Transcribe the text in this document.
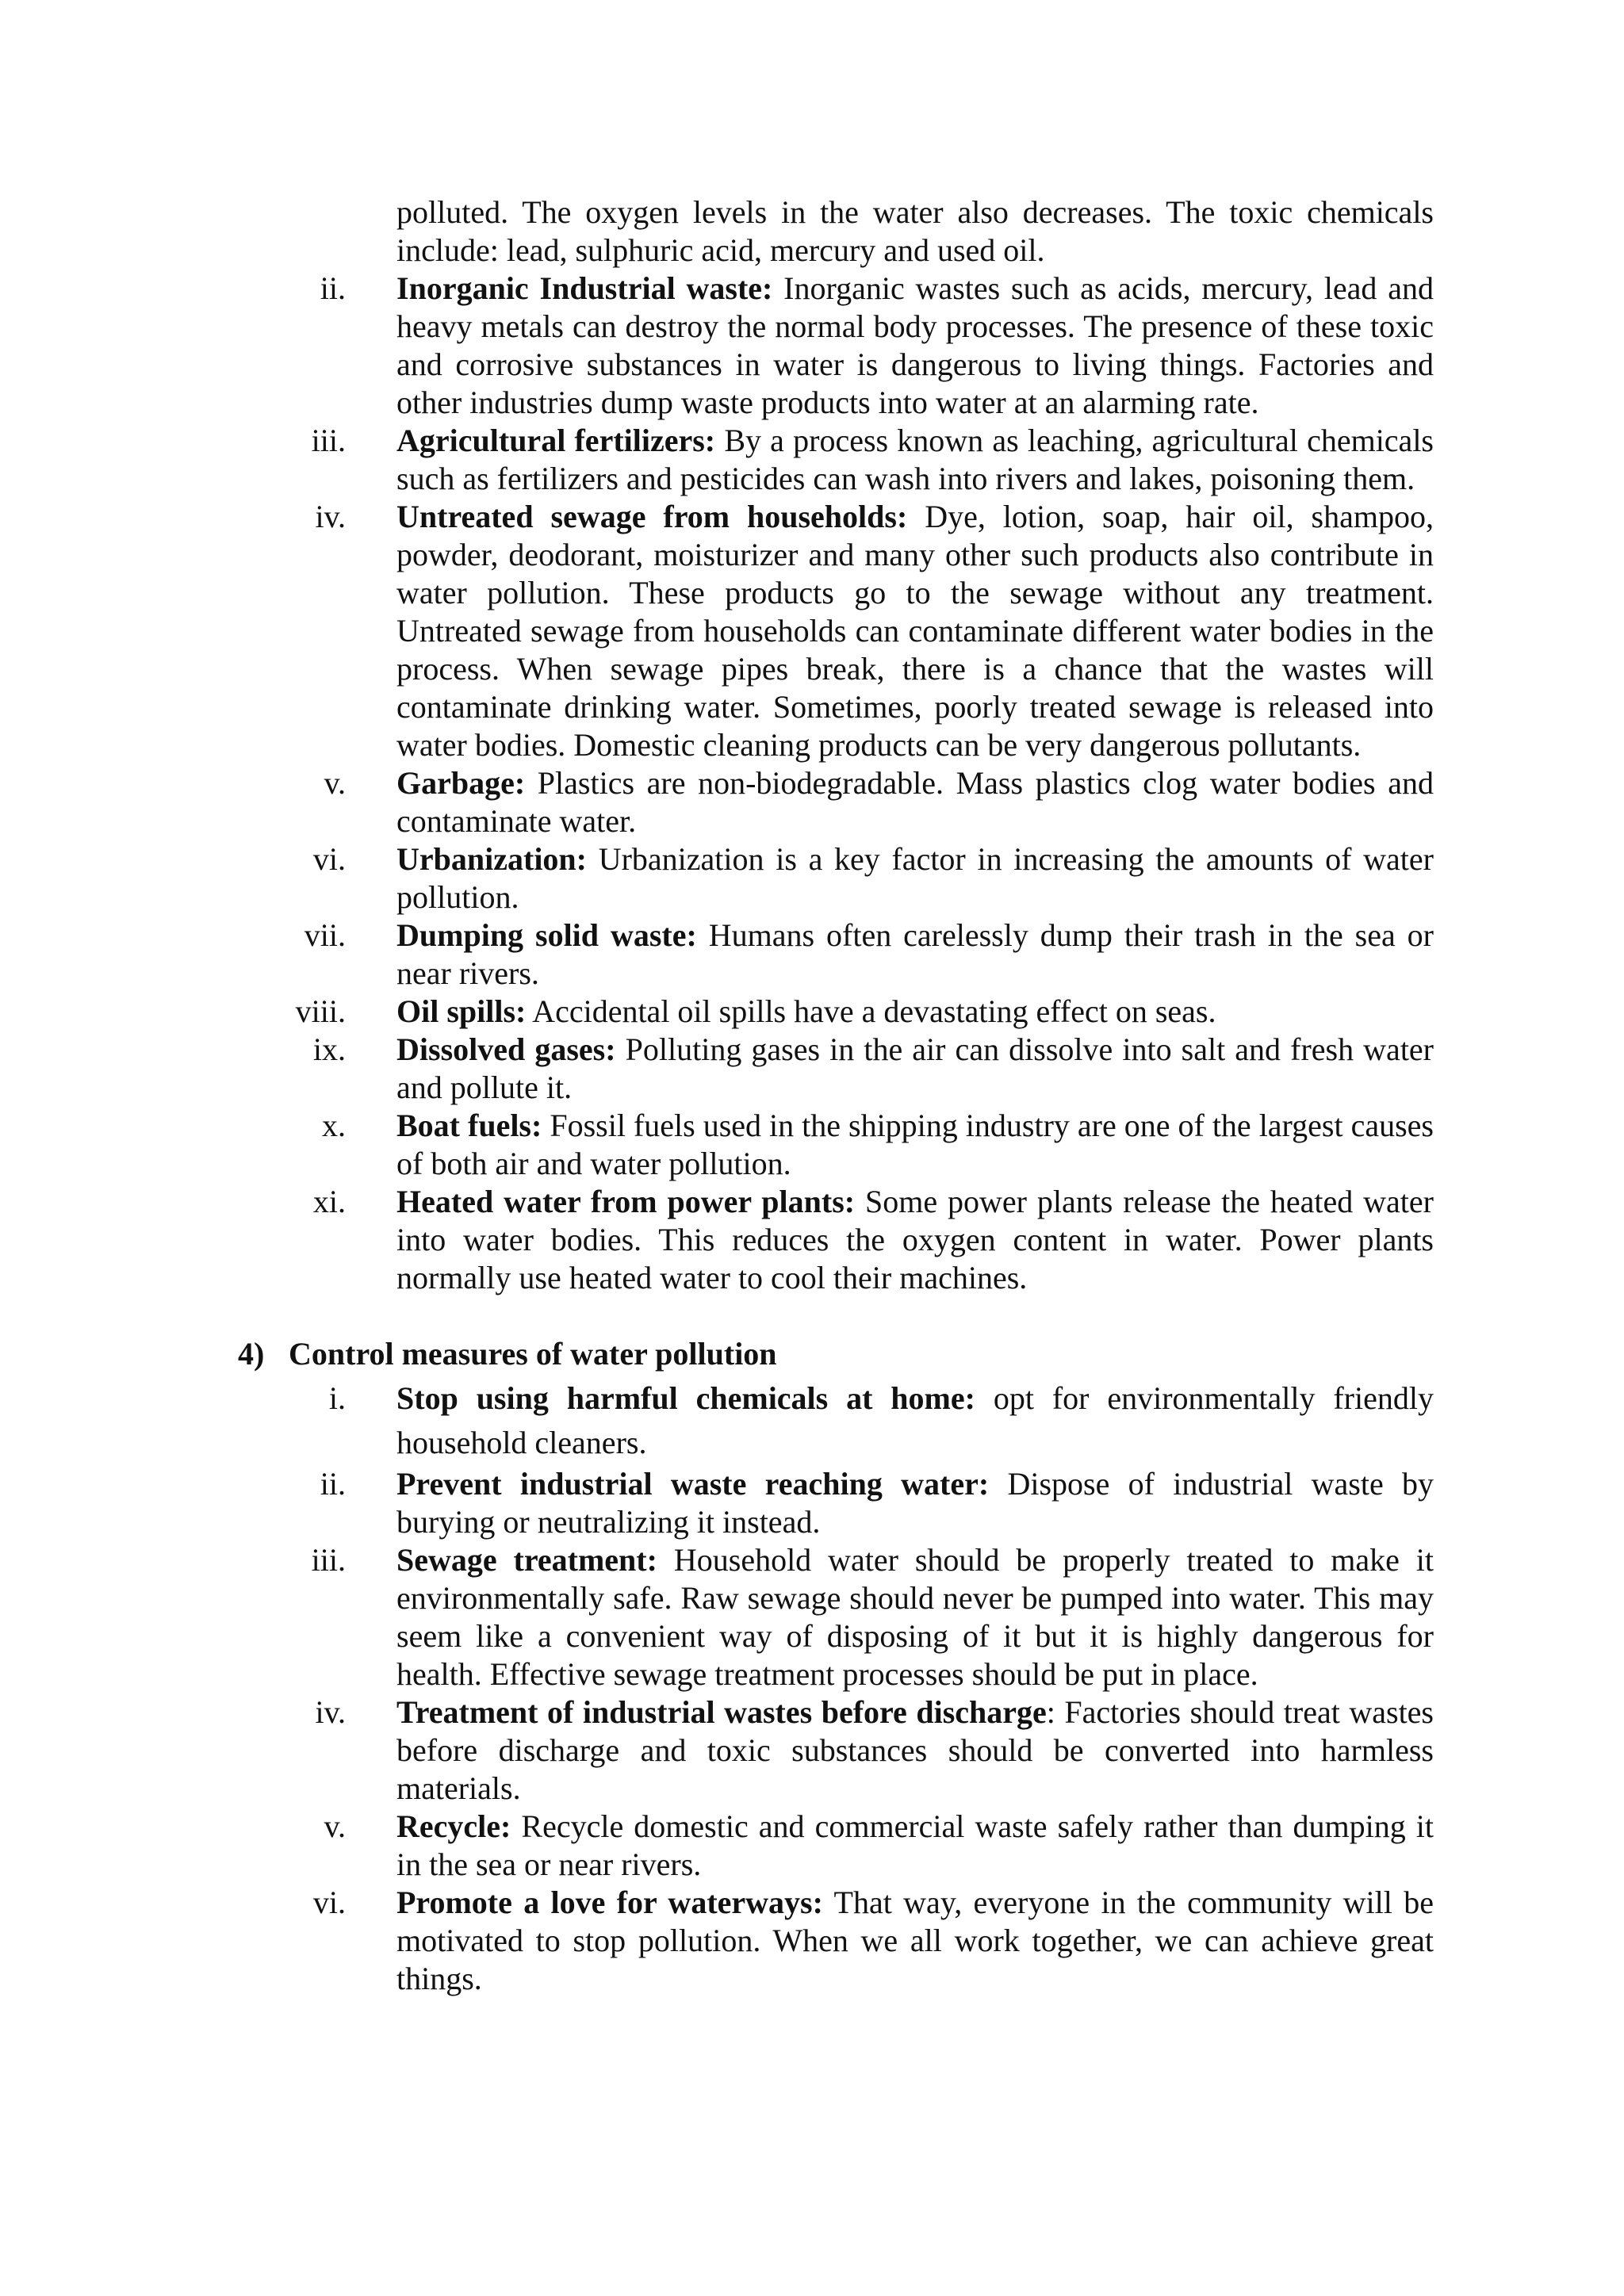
polluted. The oxygen levels in the water also decreases. The toxic chemicals include: lead, sulphuric acid, mercury and used oil.

ii. Inorganic Industrial waste: Inorganic wastes such as acids, mercury, lead and heavy metals can destroy the normal body processes. The presence of these toxic and corrosive substances in water is dangerous to living things. Factories and other industries dump waste products into water at an alarming rate.
iii. Agricultural fertilizers: By a process known as leaching, agricultural chemicals such as fertilizers and pesticides can wash into rivers and lakes, poisoning them.
iv. Untreated sewage from households: Dye, lotion, soap, hair oil, shampoo, powder, deodorant, moisturizer and many other such products also contribute in water pollution. These products go to the sewage without any treatment. Untreated sewage from households can contaminate different water bodies in the process. When sewage pipes break, there is a chance that the wastes will contaminate drinking water. Sometimes, poorly treated sewage is released into water bodies. Domestic cleaning products can be very dangerous pollutants.
v. Garbage: Plastics are non-biodegradable. Mass plastics clog water bodies and contaminate water.
vi. Urbanization: Urbanization is a key factor in increasing the amounts of water pollution.
vii. Dumping solid waste: Humans often carelessly dump their trash in the sea or near rivers.
viii. Oil spills: Accidental oil spills have a devastating effect on seas.
ix. Dissolved gases: Polluting gases in the air can dissolve into salt and fresh water and pollute it.
x. Boat fuels: Fossil fuels used in the shipping industry are one of the largest causes of both air and water pollution.
xi. Heated water from power plants: Some power plants release the heated water into water bodies. This reduces the oxygen content in water. Power plants normally use heated water to cool their machines.
4) Control measures of water pollution
i. Stop using harmful chemicals at home: opt for environmentally friendly household cleaners.
ii. Prevent industrial waste reaching water: Dispose of industrial waste by burying or neutralizing it instead.
iii. Sewage treatment: Household water should be properly treated to make it environmentally safe. Raw sewage should never be pumped into water. This may seem like a convenient way of disposing of it but it is highly dangerous for health. Effective sewage treatment processes should be put in place.
iv. Treatment of industrial wastes before discharge: Factories should treat wastes before discharge and toxic substances should be converted into harmless materials.
v. Recycle: Recycle domestic and commercial waste safely rather than dumping it in the sea or near rivers.
vi. Promote a love for waterways: That way, everyone in the community will be motivated to stop pollution. When we all work together, we can achieve great things.
